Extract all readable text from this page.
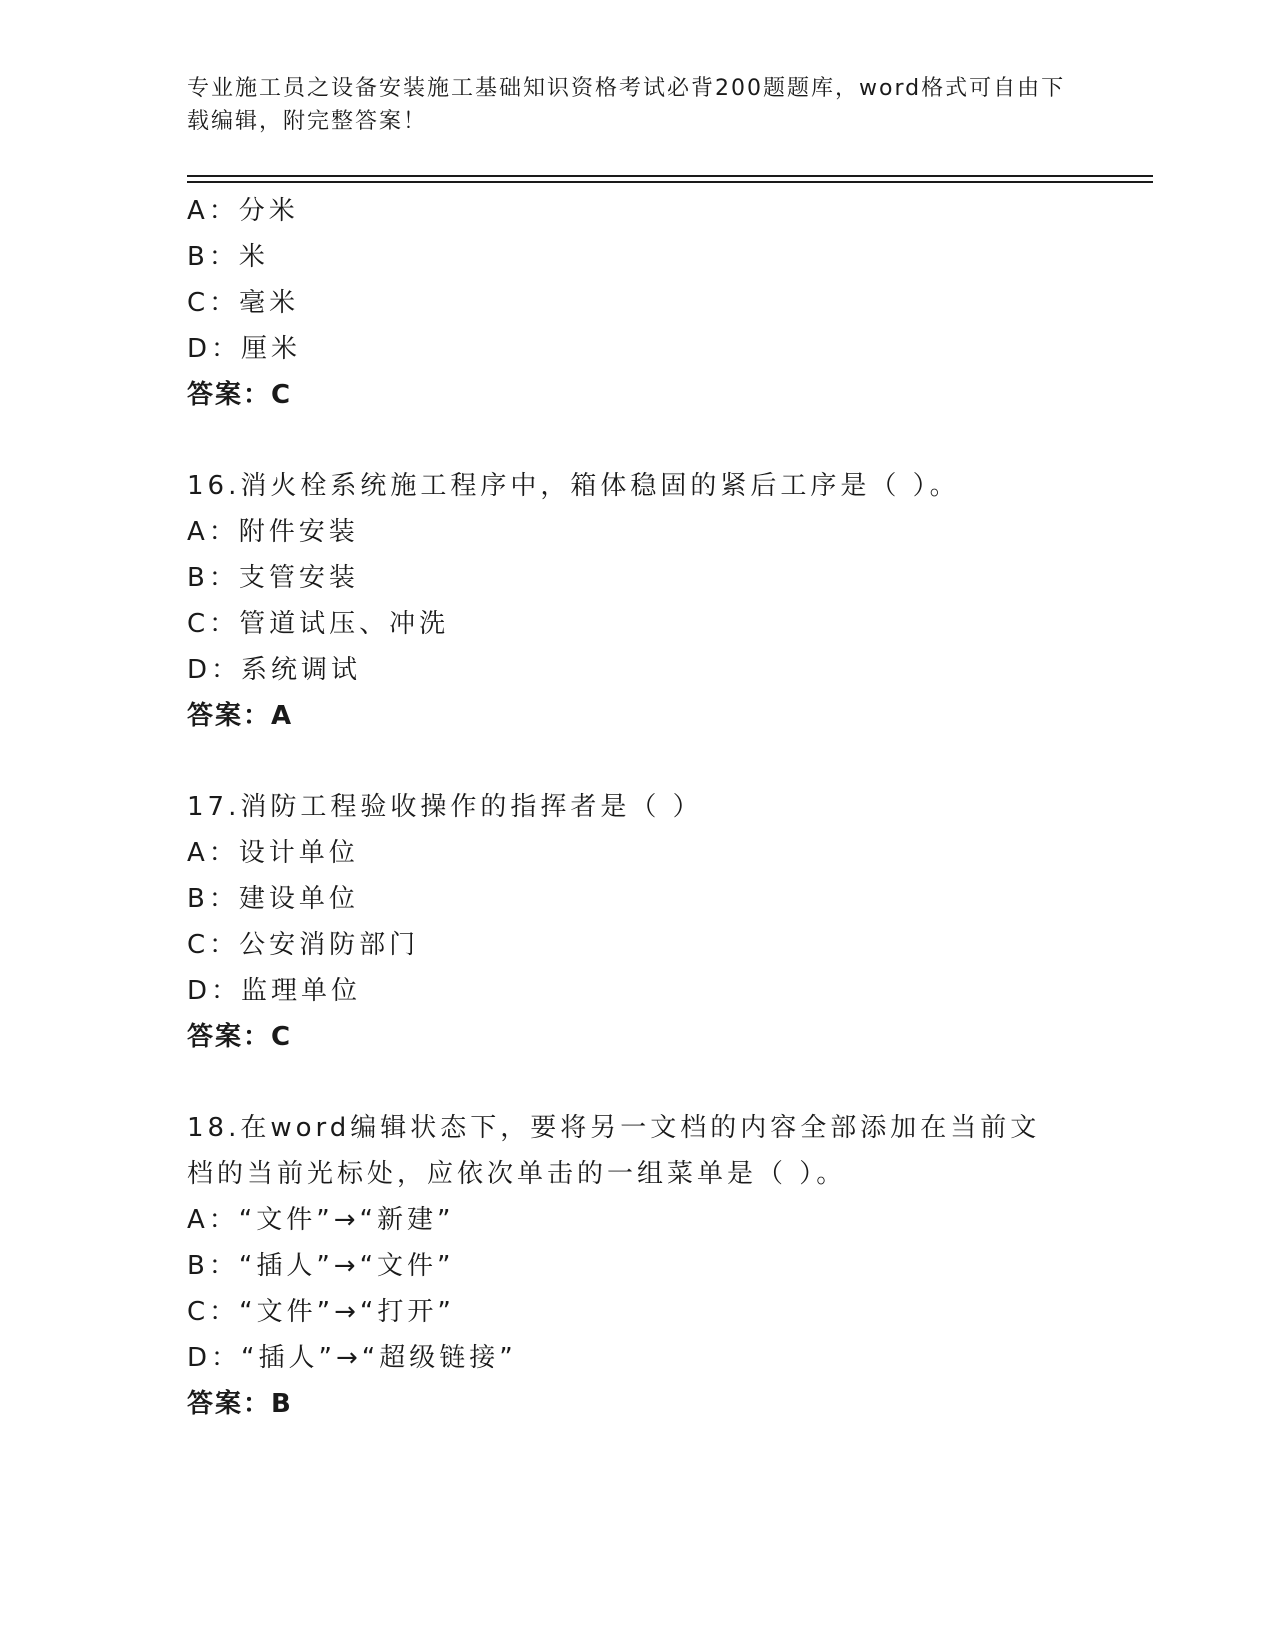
专业施工员之设备安装施工基础知识资格考试必背200题题库，word格式可自由下载编辑，附完整答案！
A：分米
B：米
C：毫米
D：厘米
答案：C
16.消火栓系统施工程序中，箱体稳固的紧后工序是（ ）。
A：附件安装
B：支管安装
C：管道试压、冲洗
D：系统调试
答案：A
17.消防工程验收操作的指挥者是（ ）
A：设计单位
B：建设单位
C：公安消防部门
D：监理单位
答案：C
18.在word编辑状态下，要将另一文档的内容全部添加在当前文档的当前光标处，应依次单击的一组菜单是（ ）。
A：“文件”→“新建”
B：“插人”→“文件”
C：“文件”→“打开”
D：“插人”→“超级链接”
答案：B
